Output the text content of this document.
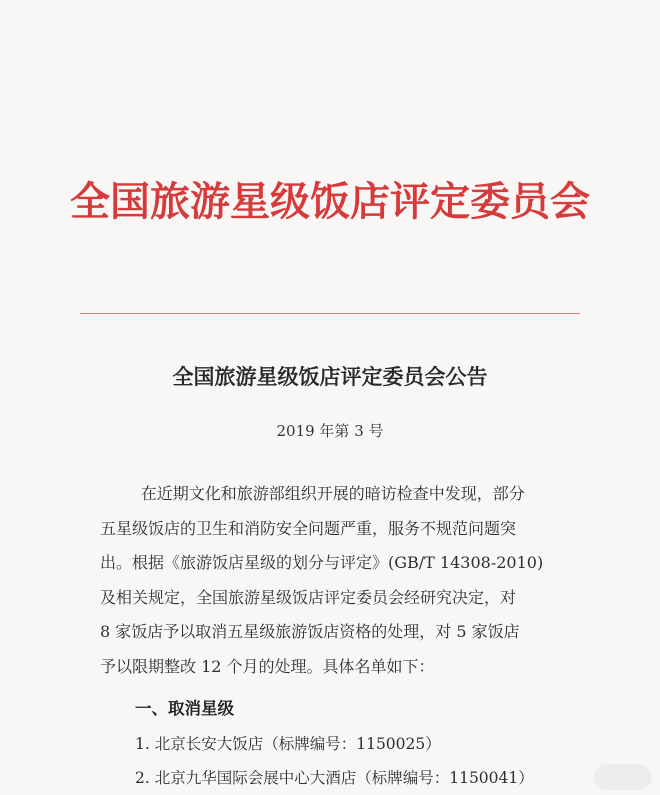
全国旅游星级饭店评定委员会
全国旅游星级饭店评定委员会公告
2019 年第 3 号
在近期文化和旅游部组织开展的暗访检查中发现，部分
五星级饭店的卫生和消防安全问题严重，服务不规范问题突
出。根据《旅游饭店星级的划分与评定》(GB/T 14308-2010)
及相关规定，全国旅游星级饭店评定委员会经研究决定，对
8 家饭店予以取消五星级旅游饭店资格的处理，对 5 家饭店
予以限期整改 12 个月的处理。具体名单如下：
一、取消星级
1. 北京长安大饭店（标牌编号：1150025）
2. 北京九华国际会展中心大酒店（标牌编号：1150041）
